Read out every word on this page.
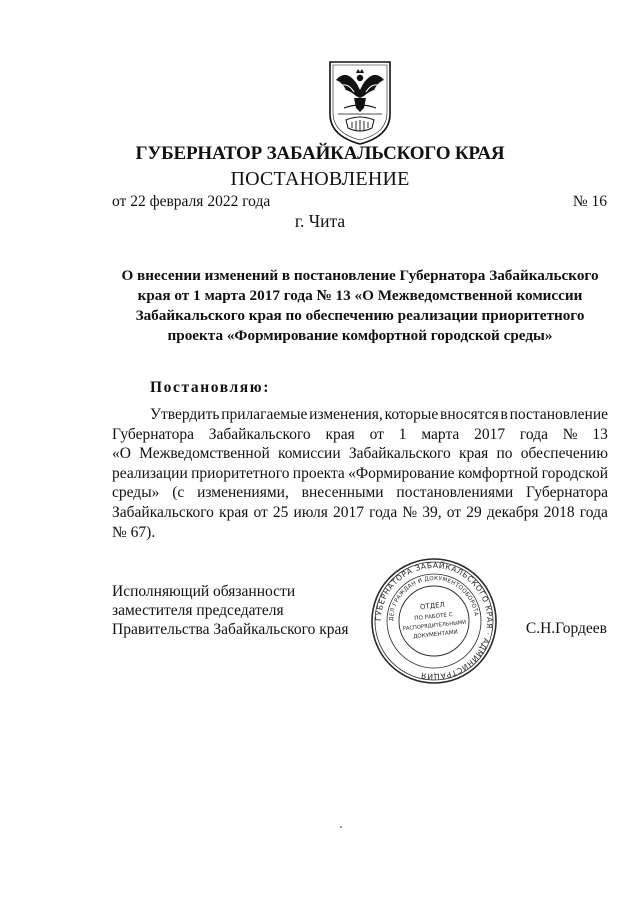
ГУБЕРНАТОР ЗАБАЙКАЛЬСКОГО КРАЯ
ПОСТАНОВЛЕНИЕ
от 22 февраля 2022 года	№ 16
г. Чита
О внесении изменений в постановление Губернатора Забайкальского
края от 1 марта 2017 года № 13 «О Межведомственной комиссии
Забайкальского края по обеспечению реализации приоритетного
проекта «Формирование комфортной городской среды»
Постановляю:
Утвердить прилагаемые изменения, которые вносятся в постановление
Губернатора Забайкальского края от 1 марта 2017 года № 13
«О Межведомственной комиссии Забайкальского края по обеспечению
реализации приоритетного проекта «Формирование комфортной городской
среды» (с изменениями, внесенными постановлениями Губернатора
Забайкальского края от 25 июля 2017 года № 39, от 29 декабря 2018 года
№ 67).
Исполняющий обязанности
заместителя председателя
Правительства Забайкальского края
ГУБЕРНАТОРА ЗАБАЙКАЛЬСКОГО КРАЯ · АДМИНИСТРАЦИЯ
ДЕЛ ГРАЖДАН И ДОКУМЕНТООБОРОТА
ОТДЕЛ
ПО РАБОТЕ С
РАСПОРЯДИТЕЛЬНЫМИ
ДОКУМЕНТАМИ	С.Н.Гордеев
